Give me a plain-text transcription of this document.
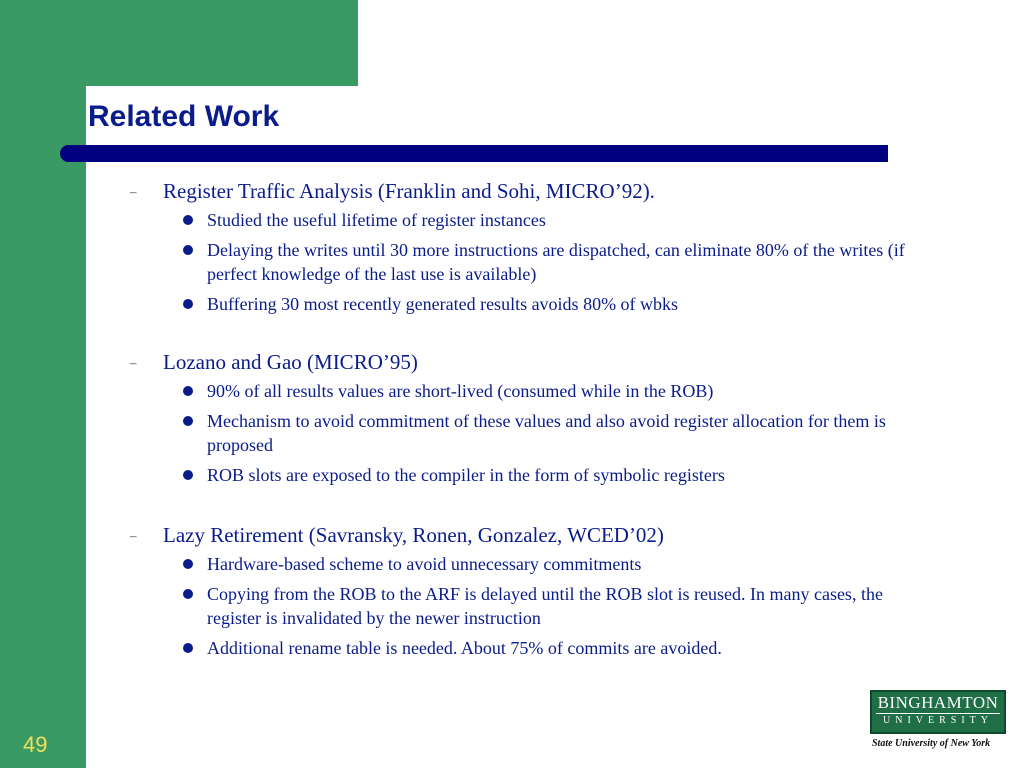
Related Work
– Register Traffic Analysis (Franklin and Sohi, MICRO’92).
Studied the useful lifetime of register instances
Delaying the writes until 30 more instructions are dispatched, can eliminate 80% of the writes (if perfect knowledge of the last use is available)
Buffering 30 most recently generated results avoids 80% of wbks
– Lozano and Gao (MICRO’95)
90% of all results values are short-lived (consumed while in the ROB)
Mechanism to avoid commitment of these values and also avoid register allocation for them is proposed
ROB slots are exposed to the compiler in the form of symbolic registers
– Lazy Retirement (Savransky, Ronen, Gonzalez, WCED’02)
Hardware-based scheme to avoid unnecessary commitments
Copying from the ROB to the ARF is delayed until the ROB slot is reused. In many cases, the register is invalidated by the newer instruction
Additional rename table is needed. About 75% of commits are avoided.
49
BINGHAMTON
UNIVERSITY
State University of New York
